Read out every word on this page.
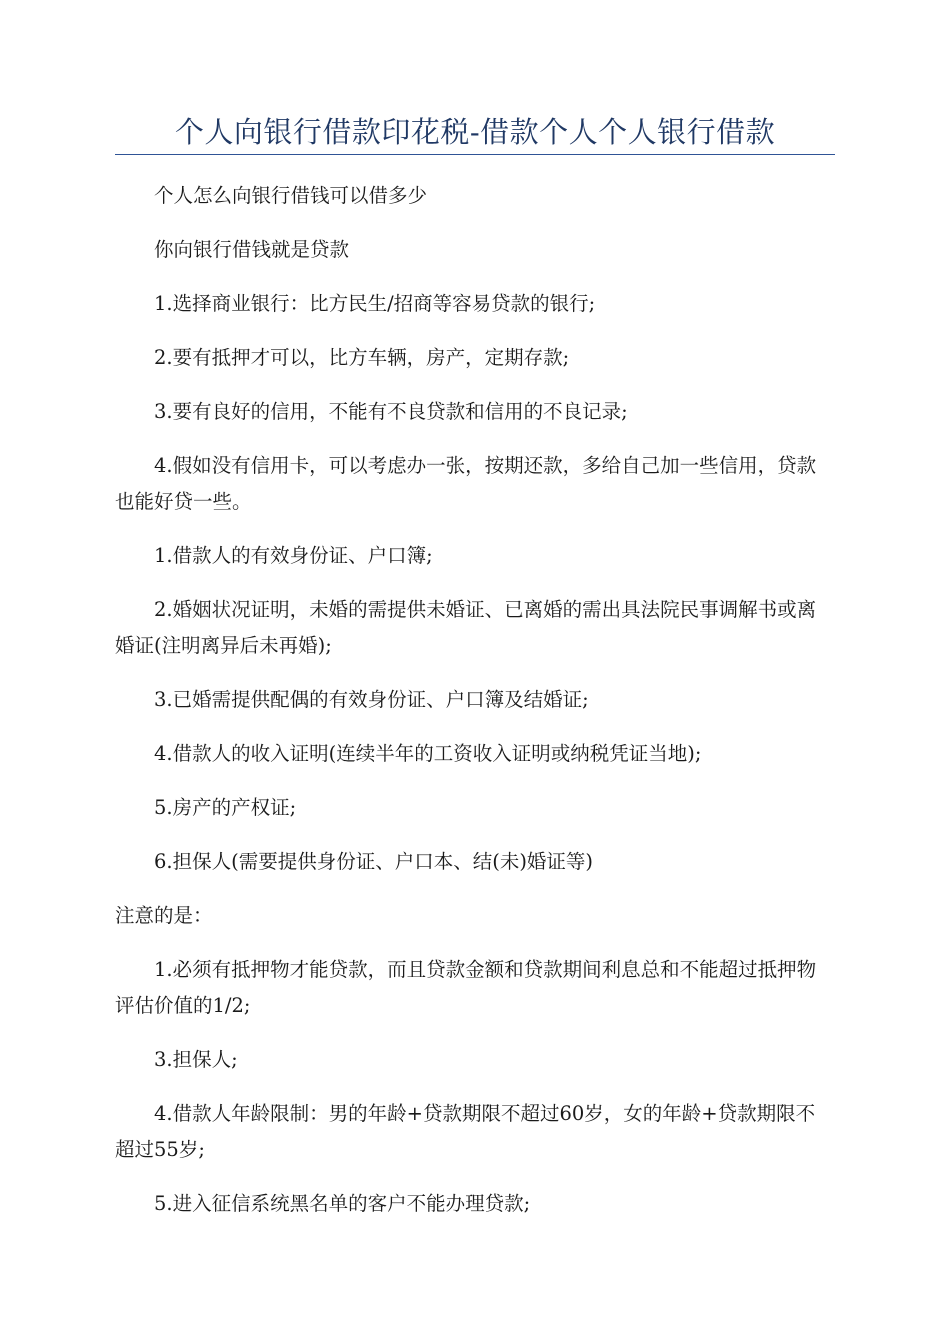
个人向银行借款印花税-借款个人个人银行借款

个人怎么向银行借钱可以借多少

你向银行借钱就是贷款

1.选择商业银行：比方民生/招商等容易贷款的银行;

2.要有抵押才可以，比方车辆，房产，定期存款;

3.要有良好的信用，不能有不良贷款和信用的不良记录;

4.假如没有信用卡，可以考虑办一张，按期还款，多给自己加一些信用，贷款也能好贷一些。

1.借款人的有效身份证、户口簿;

2.婚姻状况证明，未婚的需提供未婚证、已离婚的需出具法院民事调解书或离婚证(注明离异后未再婚);

3.已婚需提供配偶的有效身份证、户口簿及结婚证;

4.借款人的收入证明(连续半年的工资收入证明或纳税凭证当地);

5.房产的产权证;

6.担保人(需要提供身份证、户口本、结(未)婚证等)

注意的是：

1.必须有抵押物才能贷款，而且贷款金额和贷款期间利息总和不能超过抵押物评估价值的1/2;

3.担保人;

4.借款人年龄限制：男的年龄+贷款期限不超过60岁，女的年龄+贷款期限不超过55岁;

5.进入征信系统黑名单的客户不能办理贷款;
